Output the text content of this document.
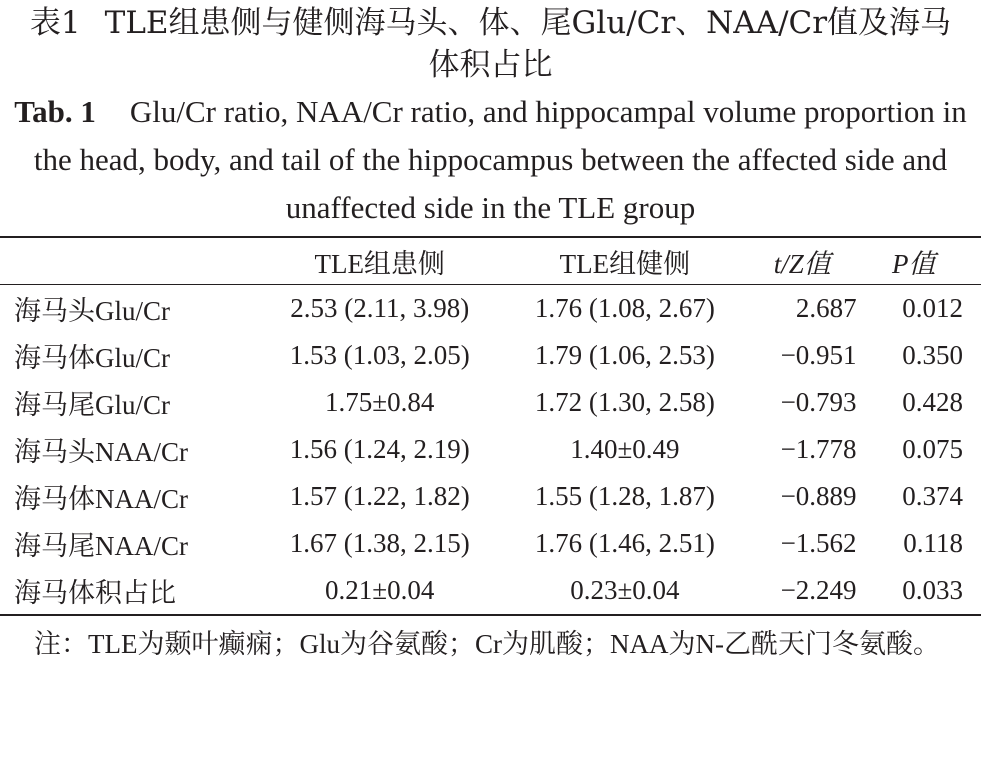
表1 TLE组患侧与健侧海马头、体、尾Glu/Cr、NAA/Cr值及海马体积占比
Tab. 1 Glu/Cr ratio, NAA/Cr ratio, and hippocampal volume proportion in the head, body, and tail of the hippocampus between the affected side and unaffected side in the TLE group
	TLE组患侧	TLE组健侧	t/Z值	P值
海马头Glu/Cr	2.53 (2.11, 3.98)	1.76 (1.08, 2.67)	2.687	0.012
海马体Glu/Cr	1.53 (1.03, 2.05)	1.79 (1.06, 2.53)	−0.951	0.350
海马尾Glu/Cr	1.75±0.84	1.72 (1.30, 2.58)	−0.793	0.428
海马头NAA/Cr	1.56 (1.24, 2.19)	1.40±0.49	−1.778	0.075
海马体NAA/Cr	1.57 (1.22, 1.82)	1.55 (1.28, 1.87)	−0.889	0.374
海马尾NAA/Cr	1.67 (1.38, 2.15)	1.76 (1.46, 2.51)	−1.562	0.118
海马体积占比	0.21±0.04	0.23±0.04	−2.249	0.033

注：TLE为颞叶癫痫；Glu为谷氨酸；Cr为肌酸；NAA为N-乙酰天门冬氨酸。
